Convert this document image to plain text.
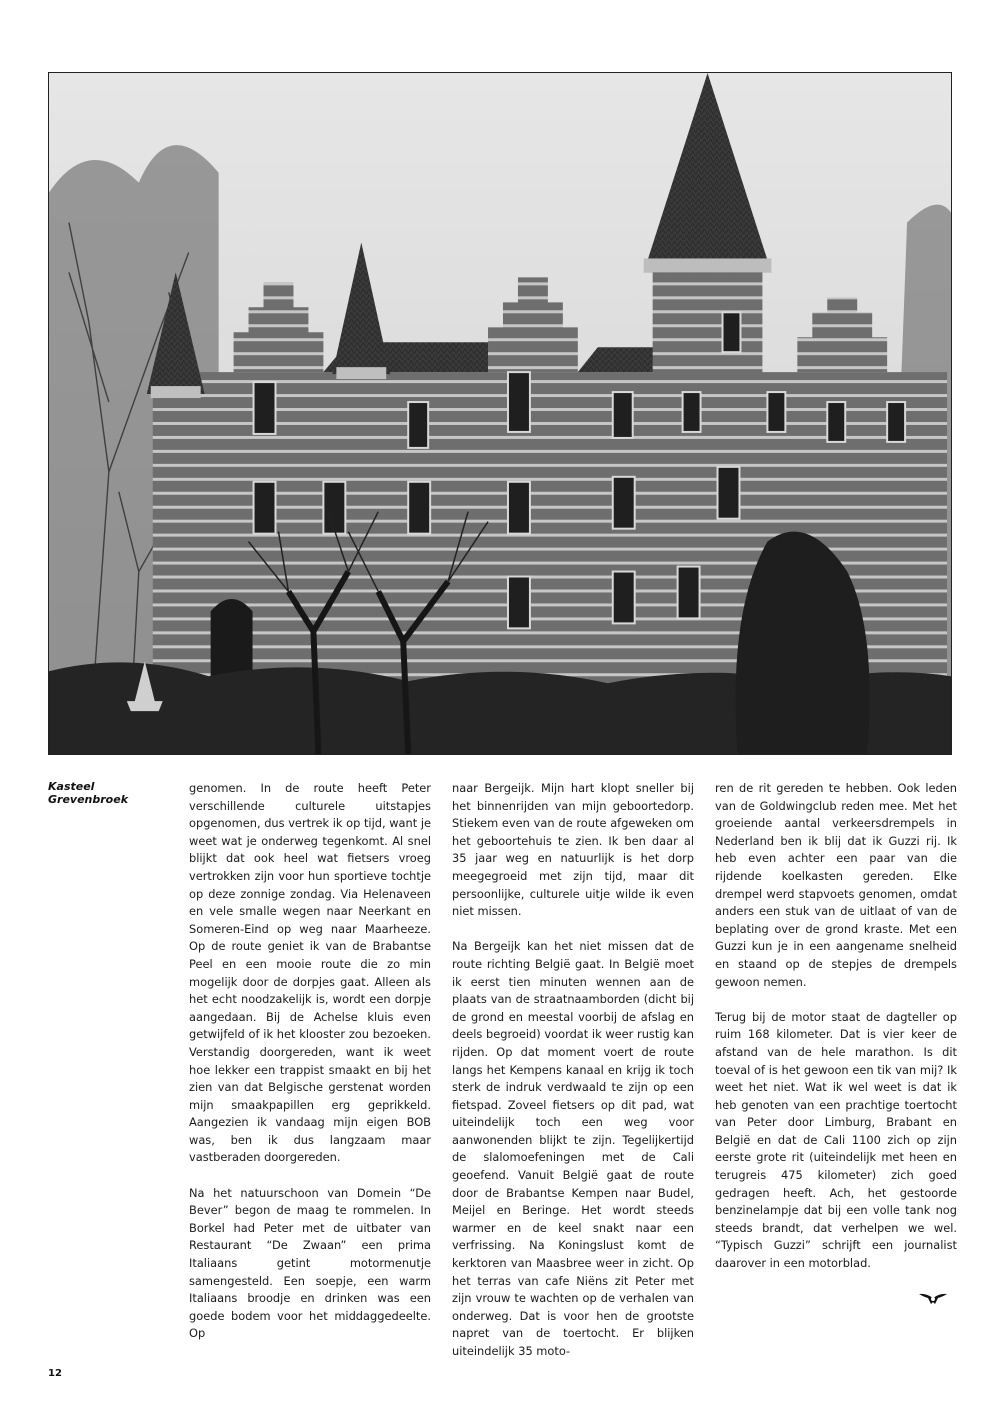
Kasteel Grevenbroek

genomen. In de route heeft Peter verschillende culturele uitstapjes opgenomen, dus vertrek ik op tijd, want je weet wat je onderweg tegenkomt. Al snel blijkt dat ook heel wat fietsers vroeg vertrokken zijn voor hun sportieve tochtje op deze zonnige zondag. Via Helenaveen en vele smalle wegen naar Neerkant en Someren-Eind op weg naar Maarheeze. Op de route geniet ik van de Brabantse Peel en een mooie route die zo min mogelijk door de dorpjes gaat. Alleen als het echt noodzakelijk is, wordt een dorpje aangedaan. Bij de Achelse kluis even getwijfeld of ik het klooster zou bezoeken. Verstandig doorgereden, want ik weet hoe lekker een trappist smaakt en bij het zien van dat Belgische gerstenat worden mijn smaakpapillen erg geprikkeld. Aangezien ik vandaag mijn eigen BOB was, ben ik dus langzaam maar vastberaden doorgereden.

Na het natuurschoon van Domein “De Bever” begon de maag te rommelen. In Borkel had Peter met de uitbater van Restaurant “De Zwaan” een prima Italiaans getint motormenutje samengesteld. Een soepje, een warm Italiaans broodje en drinken was een goede bodem voor het middaggedeelte. Op

naar Bergeijk. Mijn hart klopt sneller bij het binnenrijden van mijn geboortedorp. Stiekem even van de route afgeweken om het geboortehuis te zien. Ik ben daar al 35 jaar weg en natuurlijk is het dorp meegegroeid met zijn tijd, maar dit persoonlijke, culturele uitje wilde ik even niet missen.

Na Bergeijk kan het niet missen dat de route richting België gaat. In België moet ik eerst tien minuten wennen aan de plaats van de straatnaamborden (dicht bij de grond en meestal voorbij de afslag en deels begroeid) voordat ik weer rustig kan rijden. Op dat moment voert de route langs het Kempens kanaal en krijg ik toch sterk de indruk verdwaald te zijn op een fietspad. Zoveel fietsers op dit pad, wat uiteindelijk toch een weg voor aanwonenden blijkt te zijn. Tegelijkertijd de slalomoefeningen met de Cali geoefend. Vanuit België gaat de route door de Brabantse Kempen naar Budel, Meijel en Beringe. Het wordt steeds warmer en de keel snakt naar een verfrissing. Na Koningslust komt de kerktoren van Maasbree weer in zicht. Op het terras van cafe Niëns zit Peter met zijn vrouw te wachten op de verhalen van onderweg. Dat is voor hen de grootste napret van de toertocht. Er blijken uiteindelijk 35 moto-

ren de rit gereden te hebben. Ook leden van de Goldwingclub reden mee. Met het groeiende aantal verkeersdrempels in Nederland ben ik blij dat ik Guzzi rij. Ik heb even achter een paar van die rijdende koelkasten gereden. Elke drempel werd stapvoets genomen, omdat anders een stuk van de uitlaat of van de beplating over de grond kraste. Met een Guzzi kun je in een aangename snelheid en staand op de stepjes de drempels gewoon nemen.

Terug bij de motor staat de dagteller op ruim 168 kilometer. Dat is vier keer de afstand van de hele marathon. Is dit toeval of is het gewoon een tik van mij? Ik weet het niet. Wat ik wel weet is dat ik heb genoten van een prachtige toertocht van Peter door Limburg, Brabant en België en dat de Cali 1100 zich op zijn eerste grote rit (uiteindelijk met heen en terugreis 475 kilometer) zich goed gedragen heeft. Ach, het gestoorde benzinelampje dat bij een volle tank nog steeds brandt, dat verhelpen we wel. “Typisch Guzzi” schrijft een journalist daarover in een motorblad.

12
